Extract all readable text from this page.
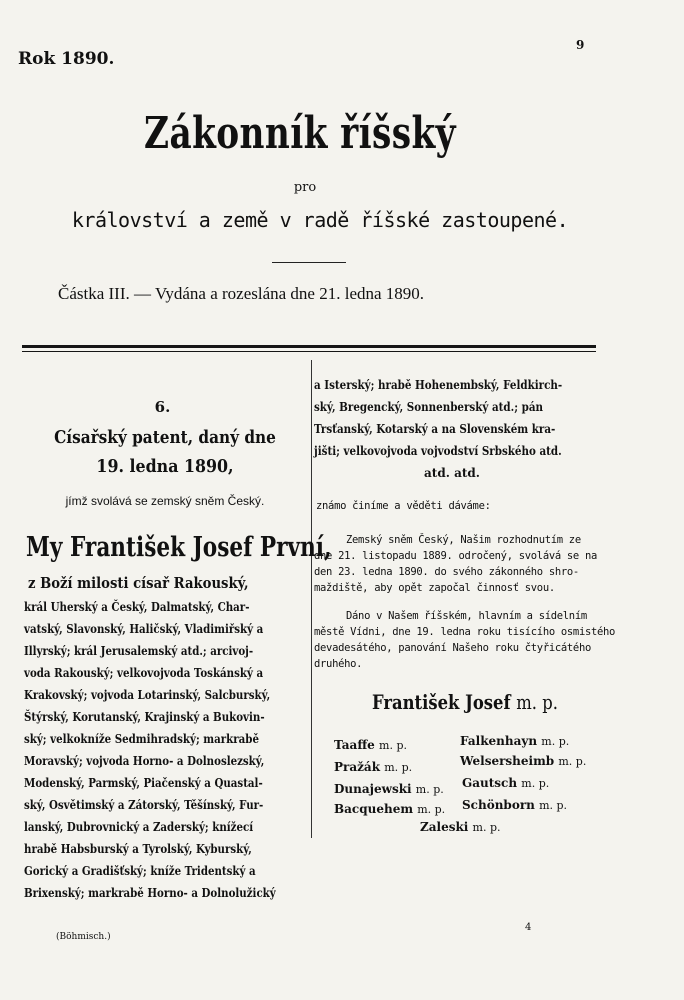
Rok 1890.
9
Zákonník říšský
pro
království a země v radě říšské zastoupené.
Částka III. — Vydána a rozeslána dne 21. ledna 1890.
6.
Císařský patent, daný dne
19. ledna 1890,
jímž svolává se zemský sněm Český.
My František Josef První,
z Boží milosti císař Rakouský,
král Uherský a Český, Dalmatský, Char-
vatský, Slavonský, Haličský, Vladimiřský a
Illyrský; král Jerusalemský atd.; arcivoj-
voda Rakouský; velkovojvoda Toskánský a
Krakovský; vojvoda Lotarinský, Salcburský,
Štýrský, Korutanský, Krajinský a Bukovin-
ský; velkokníže Sedmihradský; markrabě
Moravský; vojvoda Horno- a Dolnoslezský,
Modenský, Parmský, Piačenský a Quastal-
ský, Osvětimský a Zátorský, Těšínský, Fur-
lanský, Dubrovnický a Zaderský; knížecí
hrabě Habsburský a Tyrolský, Kyburský,
Gorický a Gradišťský; kníže Tridentský a
Brixenský; markrabě Horno- a Dolnolužický
a Isterský; hrabě Hohenembský, Feldkirch-
ský, Bregencký, Sonnenberský atd.; pán
Trsťanský, Kotarský a na Slovenském kra-
jišti; velkovojvoda vojvodství Srbského atd.
atd. atd.
známo činíme a věděti dáváme:
Zemský sněm Český, Našim rozhodnutím ze
dne 21. listopadu 1889. odročený, svolává se na
den 23. ledna 1890. do svého zákonného shro-
maždiště, aby opět započal činnosť svou.
Dáno v Našem říšském, hlavním a sídelním
městě Vídni, dne 19. ledna roku tisícího osmistého
devadesátého, panování Našeho roku čtyřicátého
druhého.
František Josef m. p.
Taaffe m. p.	Falkenhayn m. p.
Pražák m. p.	Welsersheimb m. p.
Dunajewski m. p. Gautsch m. p.
Bacquehem m. p. Schönborn m. p.
Zaleski m. p.
(Böhmisch.)
4
